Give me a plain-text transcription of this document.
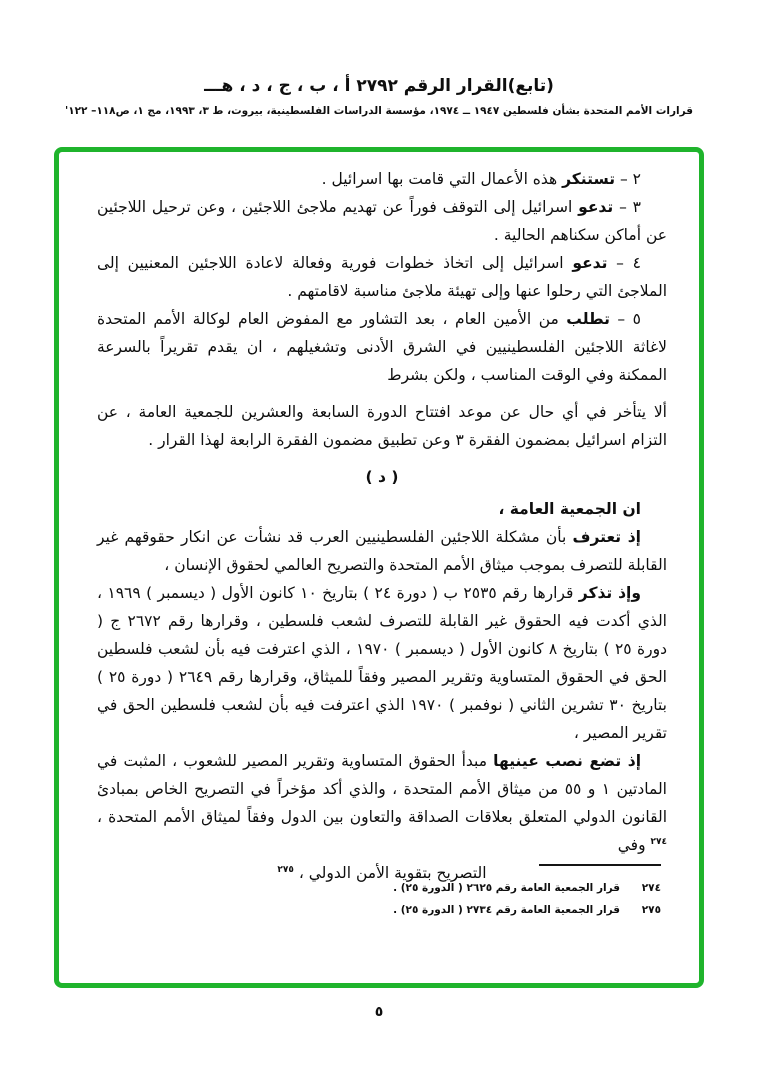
(تابع)القرار الرقم ٢٧٩٢ أ ، ب ، ج ، د ، هـــ
قرارات الأمم المتحدة بشأن فلسطين ١٩٤٧ ــ ١٩٧٤، مؤسسة الدراسات الفلسطينية، بيروت، ط ٣، ١٩٩٣، مج ١، ص١١٨– ١٢٢'
٢ – تستنكر هذه الأعمال التي قامت بها اسرائيل .
٣ – تدعو اسرائيل إلى التوقف فوراً عن تهديم ملاجئ اللاجئين ، وعن ترحيل اللاجئين عن أماكن سكناهم الحالية .
٤ – تدعو اسرائيل إلى اتخاذ خطوات فورية وفعالة لاعادة اللاجئين المعنيين إلى الملاجئ التي رحلوا عنها وإلى تهيئة ملاجئ مناسبة لاقامتهم .
٥ – تطلب من الأمين العام ، بعد التشاور مع المفوض العام لوكالة الأمم المتحدة لاغاثة اللاجئين الفلسطينيين في الشرق الأدنى وتشغيلهم ، ان يقدم تقريراً بالسرعة الممكنة وفي الوقت المناسب ، ولكن بشرط
ألا يتأخر في أي حال عن موعد افتتاح الدورة السابعة والعشرين للجمعية العامة ، عن التزام اسرائيل بمضمون الفقرة ٣ وعن تطبيق مضمون الفقرة الرابعة لهذا القرار .
( د )
ان الجمعية العامة ،
إذ تعترف بأن مشكلة اللاجئين الفلسطينيين العرب قد نشأت عن انكار حقوقهم غير القابلة للتصرف بموجب ميثاق الأمم المتحدة والتصريح العالمي لحقوق الإنسان ،
وإذ تذكر قرارها رقم ٢٥٣٥ ب ( دورة ٢٤ ) بتاريخ ١٠ كانون الأول ( ديسمبر ) ١٩٦٩ ، الذي أكدت فيه الحقوق غير القابلة للتصرف لشعب فلسطين ، وقرارها رقم ٢٦٧٢ ج ( دورة ٢٥ ) بتاريخ ٨ كانون الأول ( ديسمبر ) ١٩٧٠ ، الذي اعترفت فيه بأن لشعب فلسطين الحق في الحقوق المتساوية وتقرير المصير وفقاً للميثاق، وقرارها رقم ٢٦٤٩ ( دورة ٢٥ ) بتاريخ ٣٠ تشرين الثاني ( نوفمبر ) ١٩٧٠ الذي اعترفت فيه بأن لشعب فلسطين الحق في تقرير المصير ،
إذ تضع نصب عينيها مبدأ الحقوق المتساوية وتقرير المصير للشعوب ، المثبت في المادتين ١ و ٥٥ من ميثاق الأمم المتحدة ، والذي أكد مؤخراً في التصريح الخاص بمبادئ القانون الدولي المتعلق بعلاقات الصداقة والتعاون بين الدول وفقاً لميثاق الأمم المتحدة ، $^{٢٧٤}$ وفي
التصريح بتقوية الأمن الدولي ، $^{٢٧٥}$
٢٧٤
قرار الجمعية العامة رقم ٢٦٢٥ ( الدورة ٢٥) .
٢٧٥
قرار الجمعية العامة رقم ٢٧٣٤ ( الدورة ٢٥) .
٥
